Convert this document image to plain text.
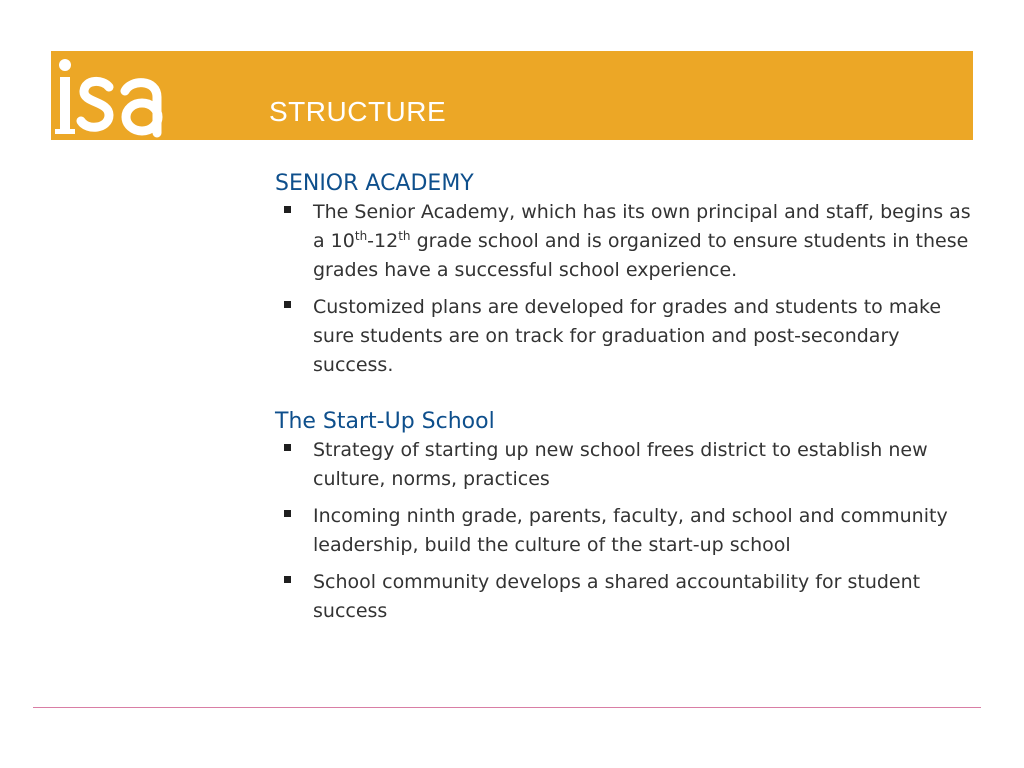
STRUCTURE
SENIOR ACADEMY
The Senior Academy, which has its own principal and staff, begins as a 10th-12th grade school and is organized to ensure students in these grades have a successful school experience.
Customized plans are developed for grades and students to make sure students are on track for graduation and post-secondary success.
The Start-Up School
Strategy of starting up new school frees district to establish new culture, norms, practices
Incoming ninth grade, parents, faculty, and school and community leadership, build the culture of the start-up school
School community develops a shared accountability for student success
